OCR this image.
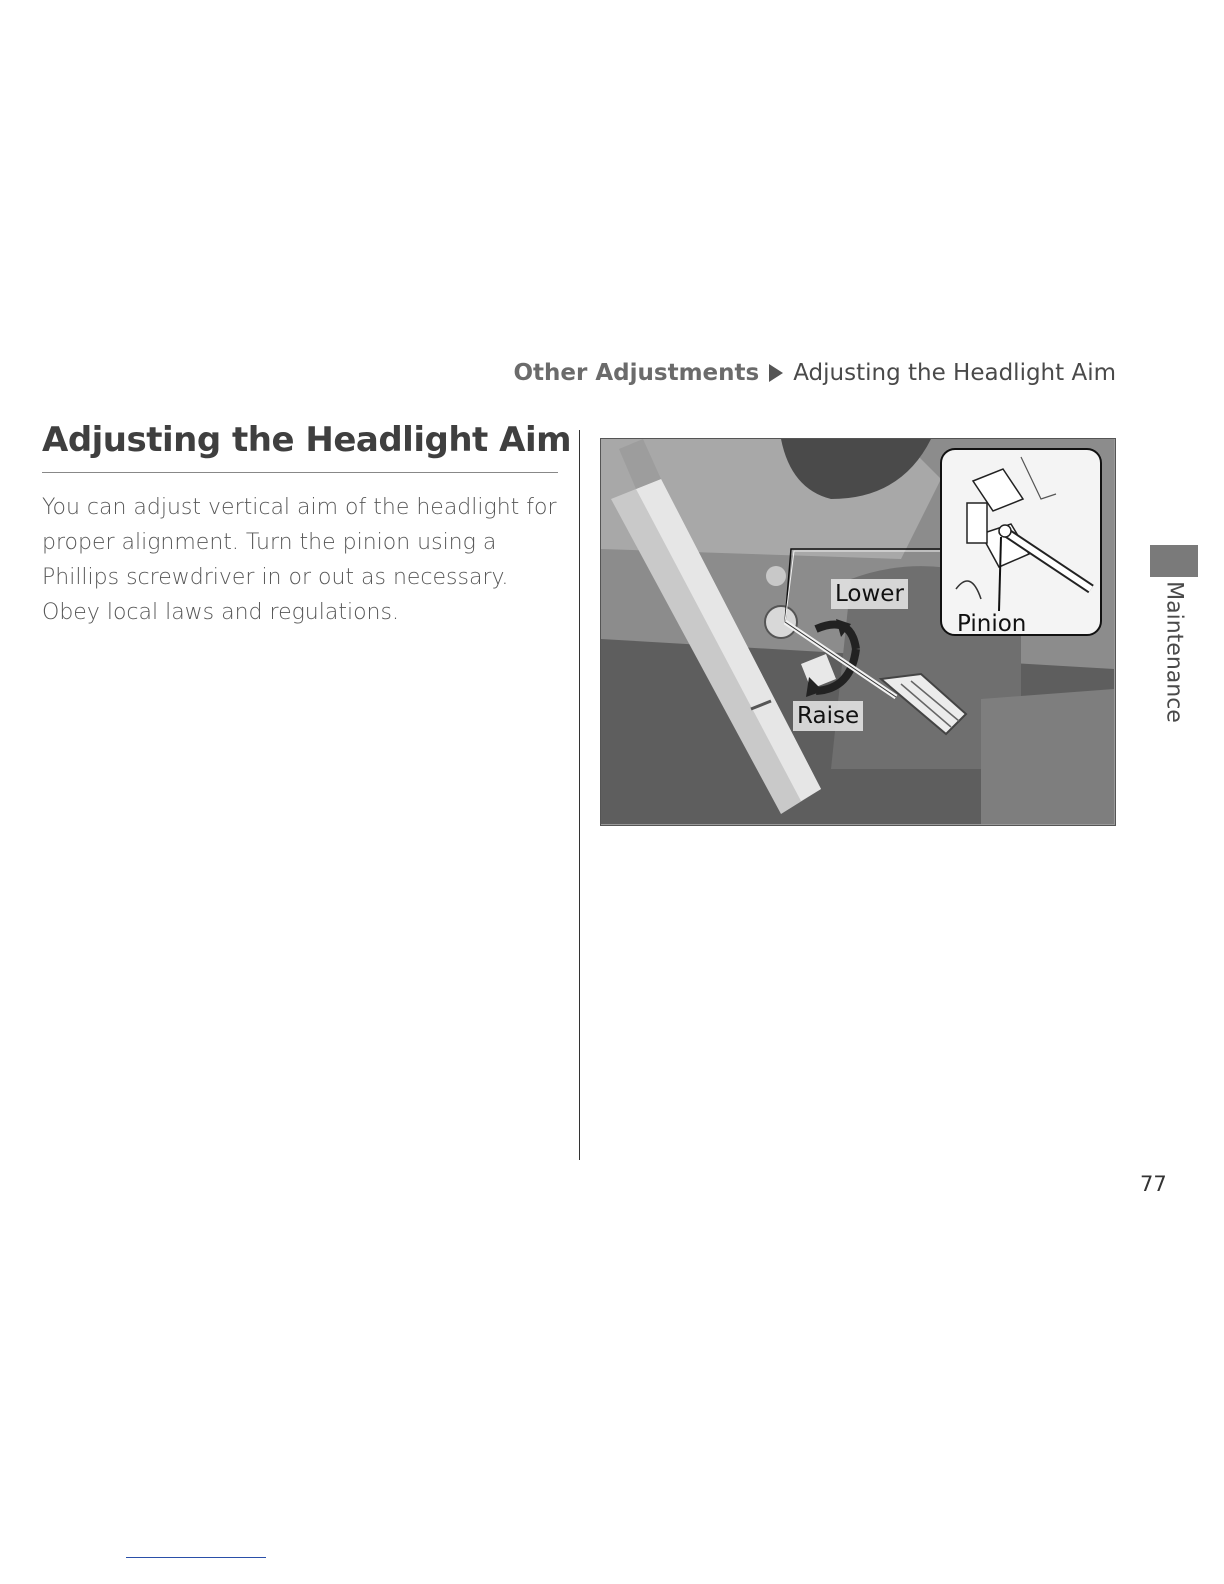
Other Adjustments Adjusting the Headlight Aim
Adjusting the Headlight Aim

You can adjust vertical aim of the headlight for proper alignment. Turn the pinion using a Phillips screwdriver in or out as necessary. Obey local laws and regulations.

Lower
Raise
Pinion	Maintenance
77
